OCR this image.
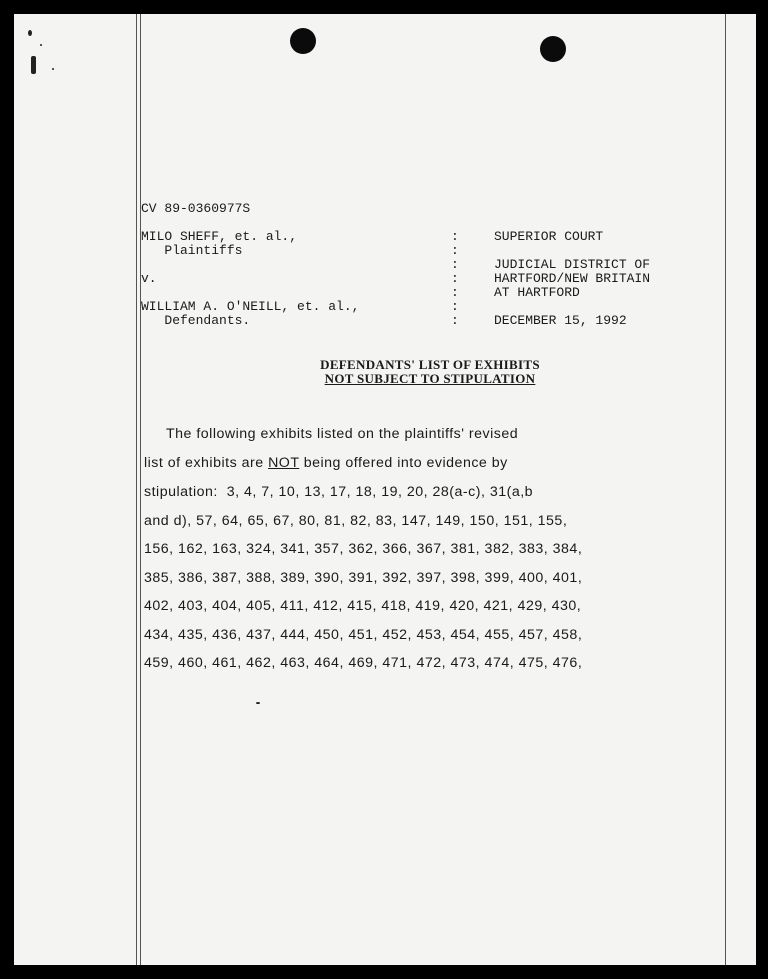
CV 89-0360977S
MILO SHEFF, et. al.,
Plaintiffs
v.
WILLIAM A. O'NEILL, et. al.,
Defendants.
:
:
:
:
:
:
:
SUPERIOR COURT
JUDICIAL DISTRICT OF
HARTFORD/NEW BRITAIN
AT HARTFORD
DECEMBER 15, 1992
DEFENDANTS' LIST OF EXHIBITS
NOT SUBJECT TO STIPULATION
The following exhibits listed on the plaintiffs' revised
list of exhibits are NOT being offered into evidence by
stipulation:  3, 4, 7, 10, 13, 17, 18, 19, 20, 28(a-c), 31(a,b
and d), 57, 64, 65, 67, 80, 81, 82, 83, 147, 149, 150, 151, 155,
156, 162, 163, 324, 341, 357, 362, 366, 367, 381, 382, 383, 384,
385, 386, 387, 388, 389, 390, 391, 392, 397, 398, 399, 400, 401,
402, 403, 404, 405, 411, 412, 415, 418, 419, 420, 421, 429, 430,
434, 435, 436, 437, 444, 450, 451, 452, 453, 454, 455, 457, 458,
459, 460, 461, 462, 463, 464, 469, 471, 472, 473, 474, 475, 476,
